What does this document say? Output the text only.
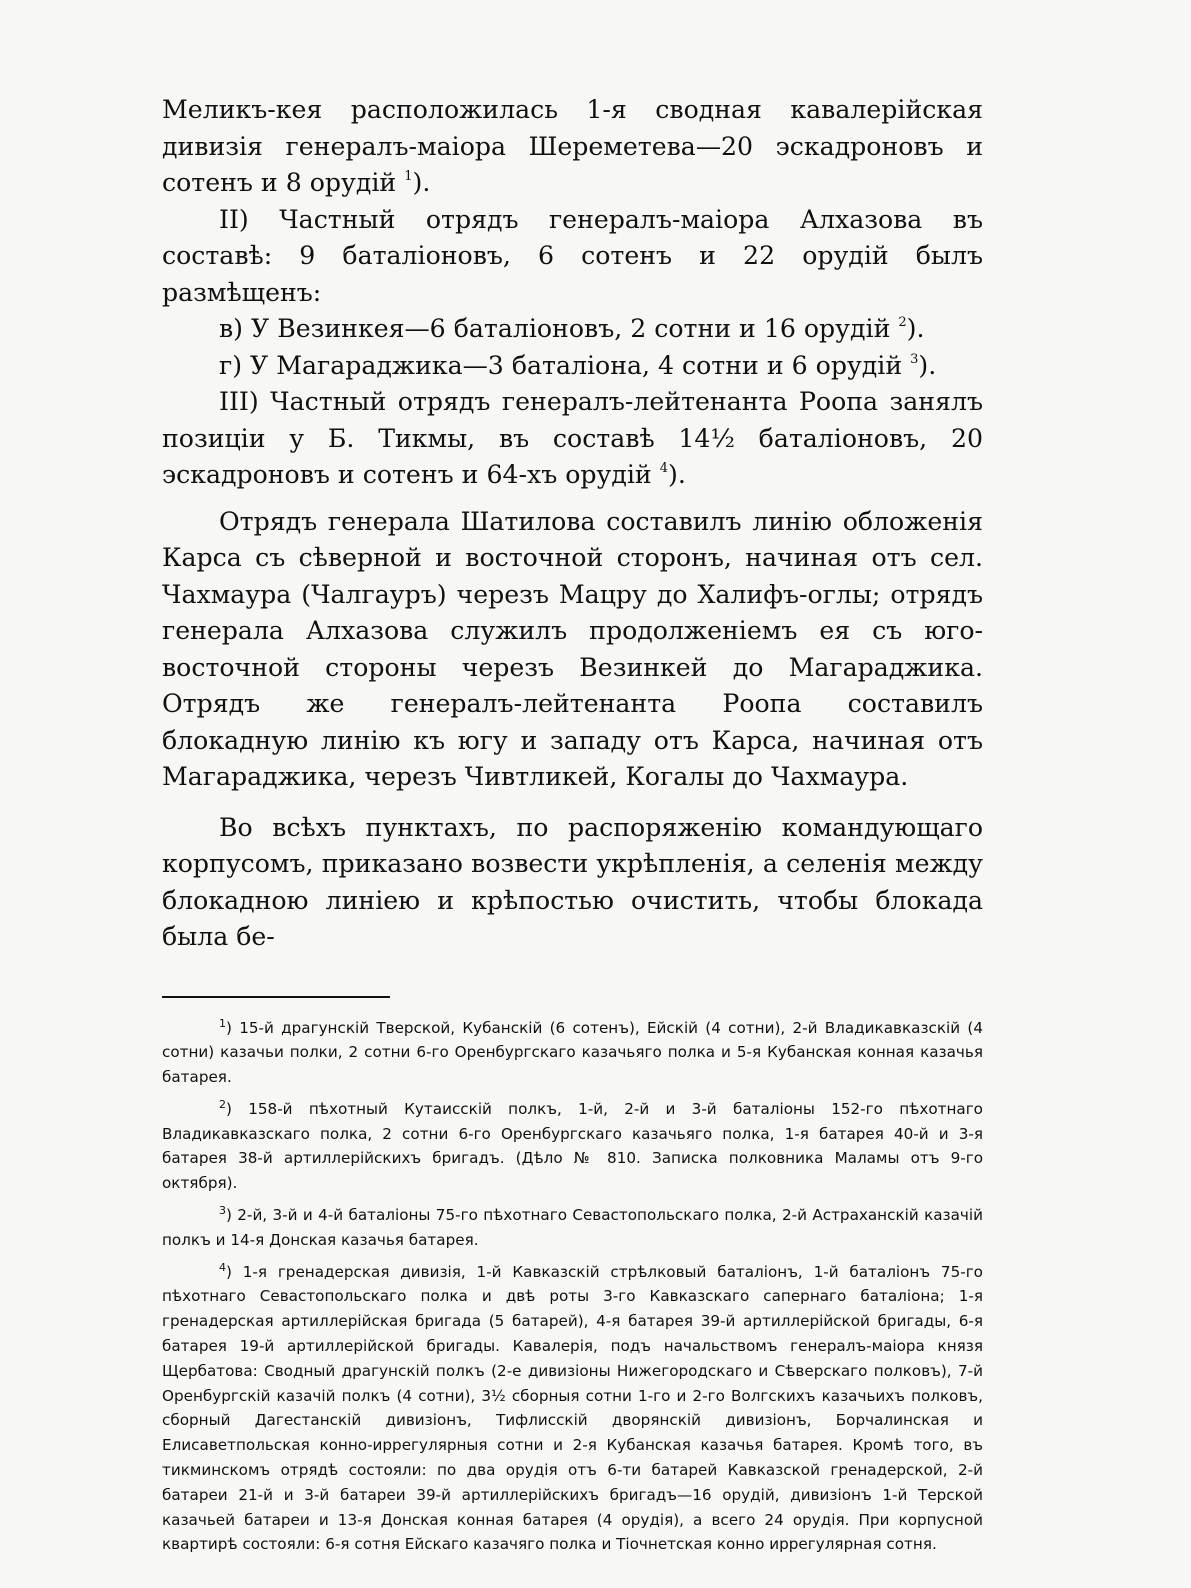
Меликъ-кея расположилась 1-я сводная кавалерійская дивизія генералъ-маіора Шереметева—20 эскадроновъ и сотенъ и 8 орудій $^1$).

II) Частный отрядъ генералъ-маіора Алхазова въ составѣ: 9 баталіоновъ, 6 сотенъ и 22 орудій былъ размѣщенъ:

в) У Везинкея—6 баталіоновъ, 2 сотни и 16 орудій $^2$).

г) У Магараджика—3 баталіона, 4 сотни и 6 орудій $^3$).

III) Частный отрядъ генералъ-лейтенанта Роопа занялъ позиціи у Б. Тикмы, въ составѣ 14½ баталіоновъ, 20 эскадроновъ и сотенъ и 64-хъ орудій $^4$).

Отрядъ генерала Шатилова составилъ линію обложенія Карса съ сѣверной и восточной сторонъ, начиная отъ сел. Чахмаура (Чалгауръ) черезъ Мацру до Халифъ-оглы; отрядъ генерала Алхазова служилъ продолженіемъ ея съ юго-восточной стороны черезъ Везинкей до Магараджика. Отрядъ же генералъ-лейтенанта Роопа составилъ блокадную линію къ югу и западу отъ Карса, начиная отъ Магараджика, черезъ Чивтликей, Когалы до Чахмаура.

Во всѣхъ пунктахъ, по распоряженію командующаго корпусомъ, приказано возвести укрѣпленія, а селенія между блокадною линіею и крѣпостью очистить, чтобы блокада была бе-

$^1$) 15-й драгунскій Тверской, Кубанскій (6 сотенъ), Ейскій (4 сотни), 2-й Владикавказскій (4 сотни) казачьи полки, 2 сотни 6-го Оренбургскаго казачьяго полка и 5-я Кубанская конная казачья батарея.

$^2$) 158-й пѣхотный Кутаисскій полкъ, 1-й, 2-й и 3-й баталіоны 152-го пѣхотнаго Владикавказскаго полка, 2 сотни 6-го Оренбургскаго казачьяго полка, 1-я батарея 40-й и 3-я батарея 38-й артиллерійскихъ бригадъ. (Дѣло № 810. Записка полковника Маламы отъ 9-го октября).

$^3$) 2-й, 3-й и 4-й баталіоны 75-го пѣхотнаго Севастопольскаго полка, 2-й Астраханскій казачій полкъ и 14-я Донская казачья батарея.

$^4$) 1-я гренадерская дивизія, 1-й Кавказскій стрѣлковый баталіонъ, 1-й баталіонъ 75-го пѣхотнаго Севастопольскаго полка и двѣ роты 3-го Кавказскаго сапернаго баталіона; 1-я гренадерская артиллерійская бригада (5 батарей), 4-я батарея 39-й артиллерійской бригады, 6-я батарея 19-й артиллерійской бригады. Кавалерія, подъ начальствомъ генералъ-маіора князя Щербатова: Сводный драгунскій полкъ (2-е дивизіоны Нижегородскаго и Сѣверскаго полковъ), 7-й Оренбургскій казачій полкъ (4 сотни), 3½ сборныя сотни 1-го и 2-го Волгскихъ казачьихъ полковъ, сборный Дагестанскій дивизіонъ, Тифлисскій дворянскій дивизіонъ, Борчалинская и Елисаветпольская конно-иррегулярныя сотни и 2-я Кубанская казачья батарея. Кромѣ того, въ тикминскомъ отрядѣ состояли: по два орудія отъ 6-ти батарей Кавказской гренадерской, 2-й батареи 21-й и 3-й батареи 39-й артиллерійскихъ бригадъ—16 орудій, дивизіонъ 1-й Терской казачьей батареи и 13-я Донская конная батарея (4 орудія), а всего 24 орудія. При корпусной квартирѣ состояли: 6-я сотня Ейскаго казачяго полка и Тіочнетская конно иррегулярная сотня.
